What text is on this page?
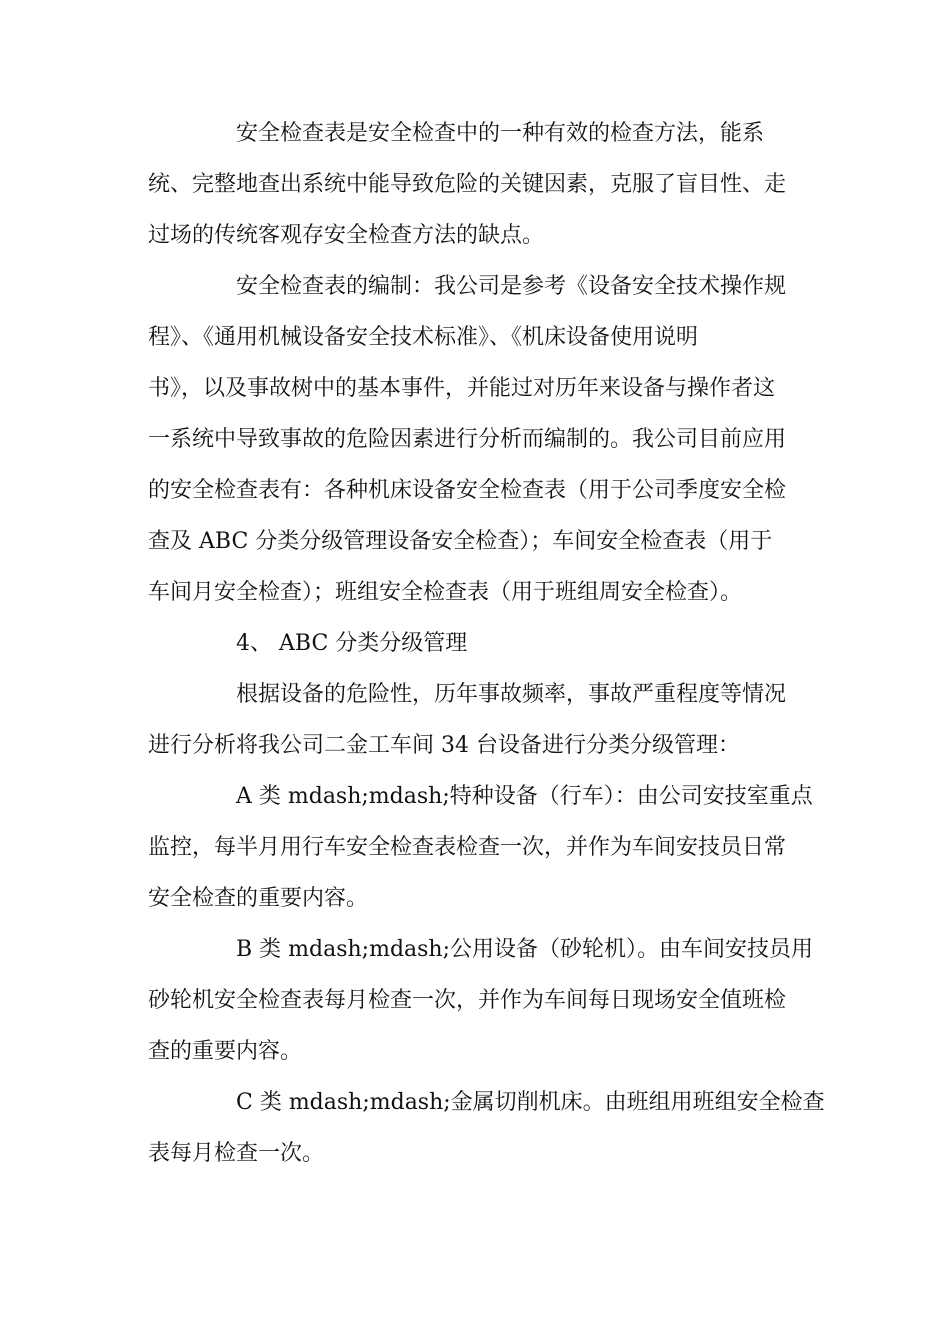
安全检查表是安全检查中的一种有效的检查方法，能系
统、完整地查出系统中能导致危险的关键因素，克服了盲目性、走
过场的传统客观存安全检查方法的缺点。
安全检查表的编制：我公司是参考《设备安全技术操作规
程》、《通用机械设备安全技术标准》、《机床设备使用说明
书》，以及事故树中的基本事件，并能过对历年来设备与操作者这
一系统中导致事故的危险因素进行分析而编制的。我公司目前应用
的安全检查表有：各种机床设备安全检查表（用于公司季度安全检
查及 ABC 分类分级管理设备安全检查）；车间安全检查表（用于
车间月安全检查）；班组安全检查表（用于班组周安全检查）。
4、 ABC 分类分级管理
根据设备的危险性，历年事故频率，事故严重程度等情况
进行分析将我公司二金工车间 34 台设备进行分类分级管理：
A 类 mdash;mdash;特种设备（行车）：由公司安技室重点
监控，每半月用行车安全检查表检查一次，并作为车间安技员日常
安全检查的重要内容。
B 类 mdash;mdash;公用设备（砂轮机）。由车间安技员用
砂轮机安全检查表每月检查一次，并作为车间每日现场安全值班检
查的重要内容。
C 类 mdash;mdash;金属切削机床。由班组用班组安全检查
表每月检查一次。
